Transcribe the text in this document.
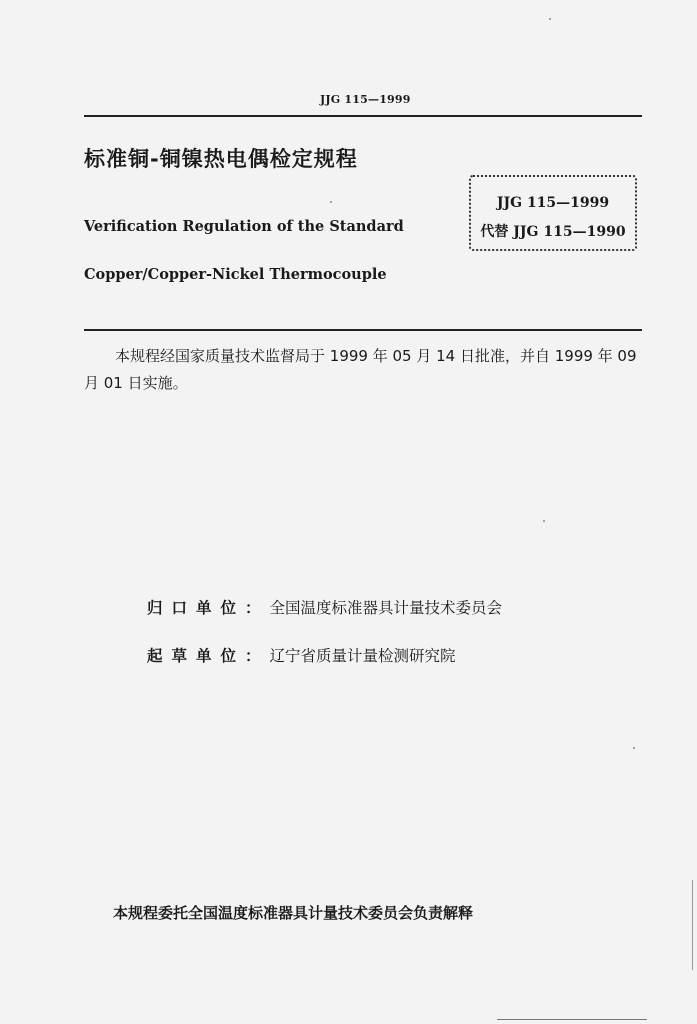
JJG 115—1999
标准铜-铜镍热电偶检定规程
Verification Regulation of the Standard
Copper/Copper-Nickel Thermocouple
JJG 115—1999
代替 JJG 115—1990
本规程经国家质量技术监督局于 1999 年 05 月 14 日批准，并自 1999 年 09 月 01 日实施。
归口单位：全国温度标准器具计量技术委员会
起草单位：辽宁省质量计量检测研究院
本规程委托全国温度标准器具计量技术委员会负责解释
